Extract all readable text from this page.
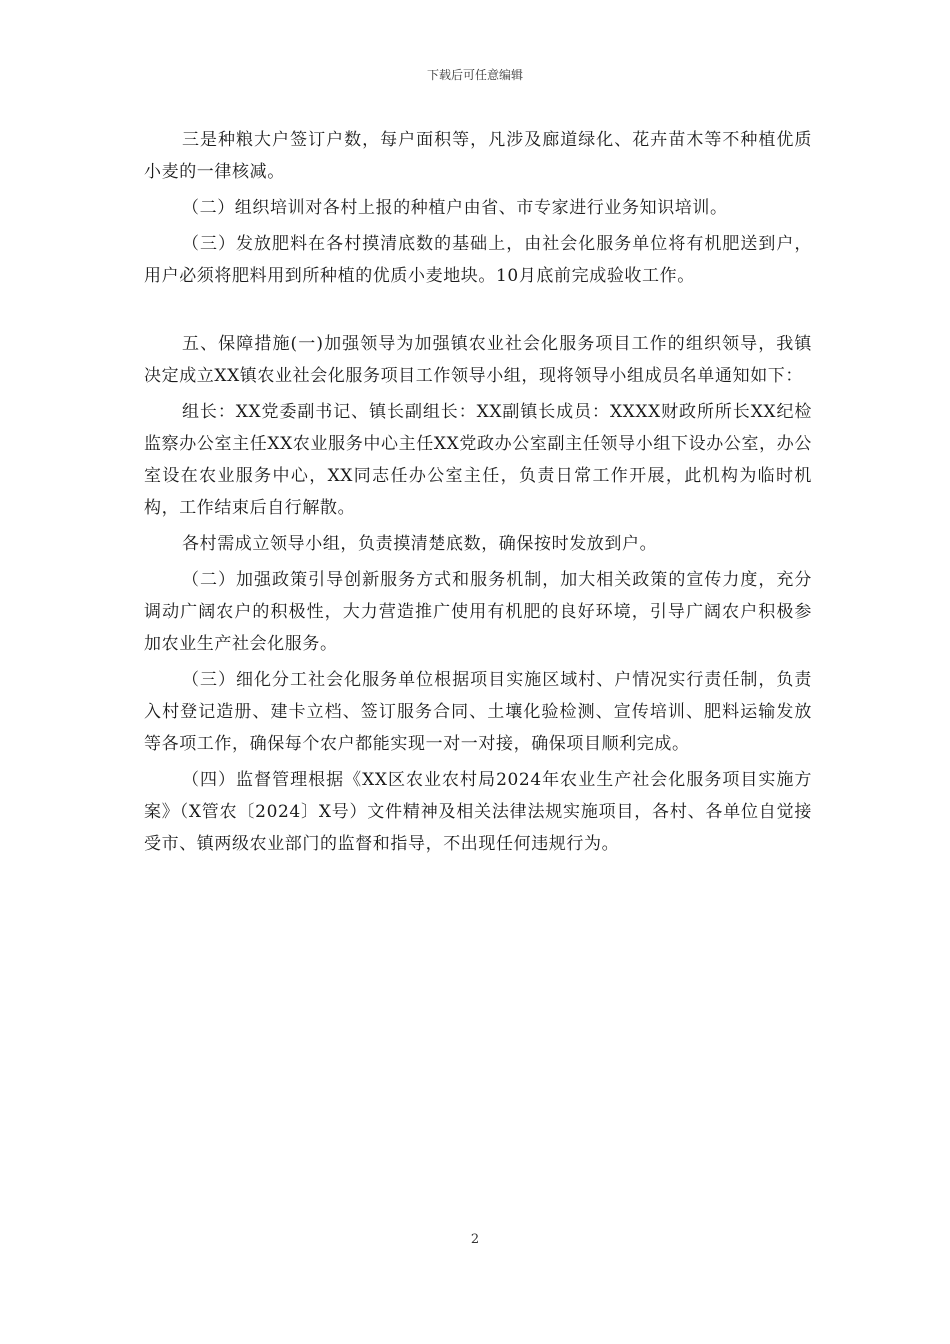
下载后可任意编辑

三是种粮大户签订户数，每户面积等，凡涉及廊道绿化、花卉苗木等不种植优质小麦的一律核减。

（二）组织培训对各村上报的种植户由省、市专家进行业务知识培训。

（三）发放肥料在各村摸清底数的基础上，由社会化服务单位将有机肥送到户，用户必须将肥料用到所种植的优质小麦地块。10月底前完成验收工作。

五、保障措施(一)加强领导为加强镇农业社会化服务项目工作的组织领导，我镇决定成立XX镇农业社会化服务项目工作领导小组，现将领导小组成员名单通知如下：

组长：XX党委副书记、镇长副组长：XX副镇长成员：XXXX财政所所长XX纪检监察办公室主任XX农业服务中心主任XX党政办公室副主任领导小组下设办公室，办公室设在农业服务中心，XX同志任办公室主任，负责日常工作开展，此机构为临时机构，工作结束后自行解散。

各村需成立领导小组，负责摸清楚底数，确保按时发放到户。

（二）加强政策引导创新服务方式和服务机制，加大相关政策的宣传力度，充分调动广阔农户的积极性，大力营造推广使用有机肥的良好环境，引导广阔农户积极参加农业生产社会化服务。

（三）细化分工社会化服务单位根据项目实施区域村、户情况实行责任制，负责入村登记造册、建卡立档、签订服务合同、土壤化验检测、宣传培训、肥料运输发放等各项工作，确保每个农户都能实现一对一对接，确保项目顺利完成。

（四）监督管理根据《XX区农业农村局2024年农业生产社会化服务项目实施方案》（X管农〔2024〕X号）文件精神及相关法律法规实施项目，各村、各单位自觉接受市、镇两级农业部门的监督和指导，不出现任何违规行为。

2
